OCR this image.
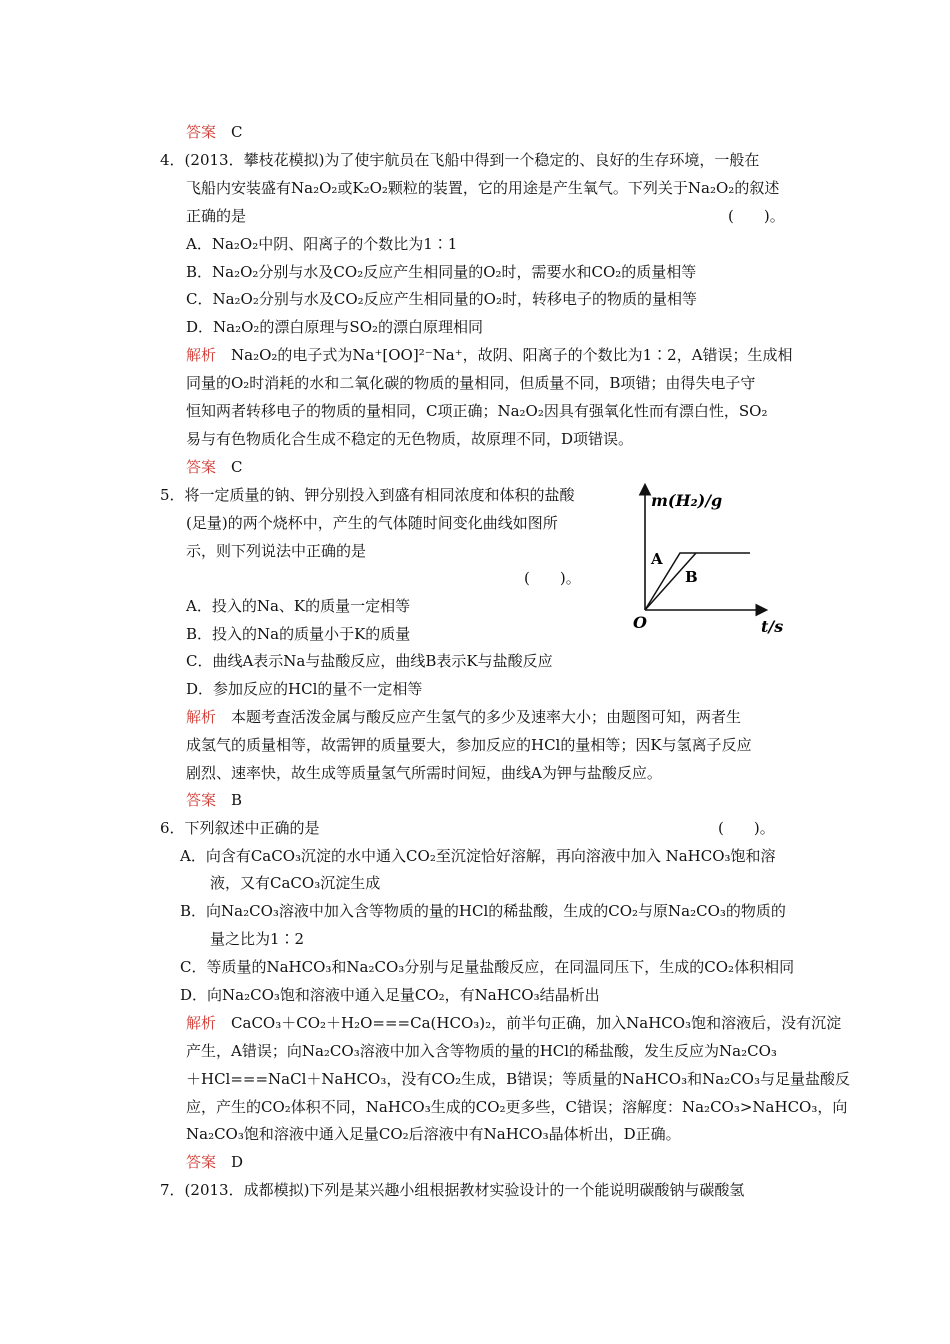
答案　 C
4．(2013．攀枝花模拟)为了使宇航员在飞船中得到一个稳定的、良好的生存环境，一般在
飞船内安装盛有Na₂O₂或K₂O₂颗粒的装置，它的用途是产生氧气。下列关于Na₂O₂的叙述
正确的是	(　　)。
A．Na₂O₂中阴、阳离子的个数比为1∶1
B．Na₂O₂分别与水及CO₂反应产生相同量的O₂时，需要水和CO₂的质量相等
C．Na₂O₂分别与水及CO₂反应产生相同量的O₂时，转移电子的物质的量相等
D．Na₂O₂的漂白原理与SO₂的漂白原理相同
解析　 Na₂O₂的电子式为Na⁺[OO]²⁻Na⁺，故阴、阳离子的个数比为1∶2，A错误；生成相
同量的O₂时消耗的水和二氧化碳的物质的量相同，但质量不同，B项错；由得失电子守
恒知两者转移电子的物质的量相同，C项正确；Na₂O₂因具有强氧化性而有漂白性，SO₂
易与有色物质化合生成不稳定的无色物质，故原理不同，D项错误。
答案　 C
5．将一定质量的钠、钾分别投入到盛有相同浓度和体积的盐酸
(足量)的两个烧杯中，产生的气体随时间变化曲线如图所
示，则下列说法中正确的是
(　　)。
A．投入的Na、K的质量一定相等
B．投入的Na的质量小于K的质量
C．曲线A表示Na与盐酸反应，曲线B表示K与盐酸反应
D．参加反应的HCl的量不一定相等
m(H₂)/g
t/s
O
A
B
解析　 本题考查活泼金属与酸反应产生氢气的多少及速率大小；由题图可知，两者生
成氢气的质量相等，故需钾的质量要大，参加反应的HCl的量相等；因K与氢离子反应
剧烈、速率快，故生成等质量氢气所需时间短，曲线A为钾与盐酸反应。
答案　 B
6．下列叙述中正确的是	(　　)。
A．向含有CaCO₃沉淀的水中通入CO₂至沉淀恰好溶解，再向溶液中加入 NaHCO₃饱和溶
液，又有CaCO₃沉淀生成
B．向Na₂CO₃溶液中加入含等物质的量的HCl的稀盐酸，生成的CO₂与原Na₂CO₃的物质的
量之比为1∶2
C．等质量的NaHCO₃和Na₂CO₃分别与足量盐酸反应，在同温同压下，生成的CO₂体积相同
D．向Na₂CO₃饱和溶液中通入足量CO₂，有NaHCO₃结晶析出
解析　 CaCO₃＋CO₂＋H₂O===Ca(HCO₃)₂，前半句正确，加入NaHCO₃饱和溶液后，没有沉淀
产生，A错误；向Na₂CO₃溶液中加入含等物质的量的HCl的稀盐酸，发生反应为Na₂CO₃
＋HCl===NaCl＋NaHCO₃，没有CO₂生成，B错误；等质量的NaHCO₃和Na₂CO₃与足量盐酸反
应，产生的CO₂体积不同，NaHCO₃生成的CO₂更多些，C错误；溶解度：Na₂CO₃>NaHCO₃，向
Na₂CO₃饱和溶液中通入足量CO₂后溶液中有NaHCO₃晶体析出，D正确。
答案　 D
7．(2013．成都模拟)下列是某兴趣小组根据教材实验设计的一个能说明碳酸钠与碳酸氢
